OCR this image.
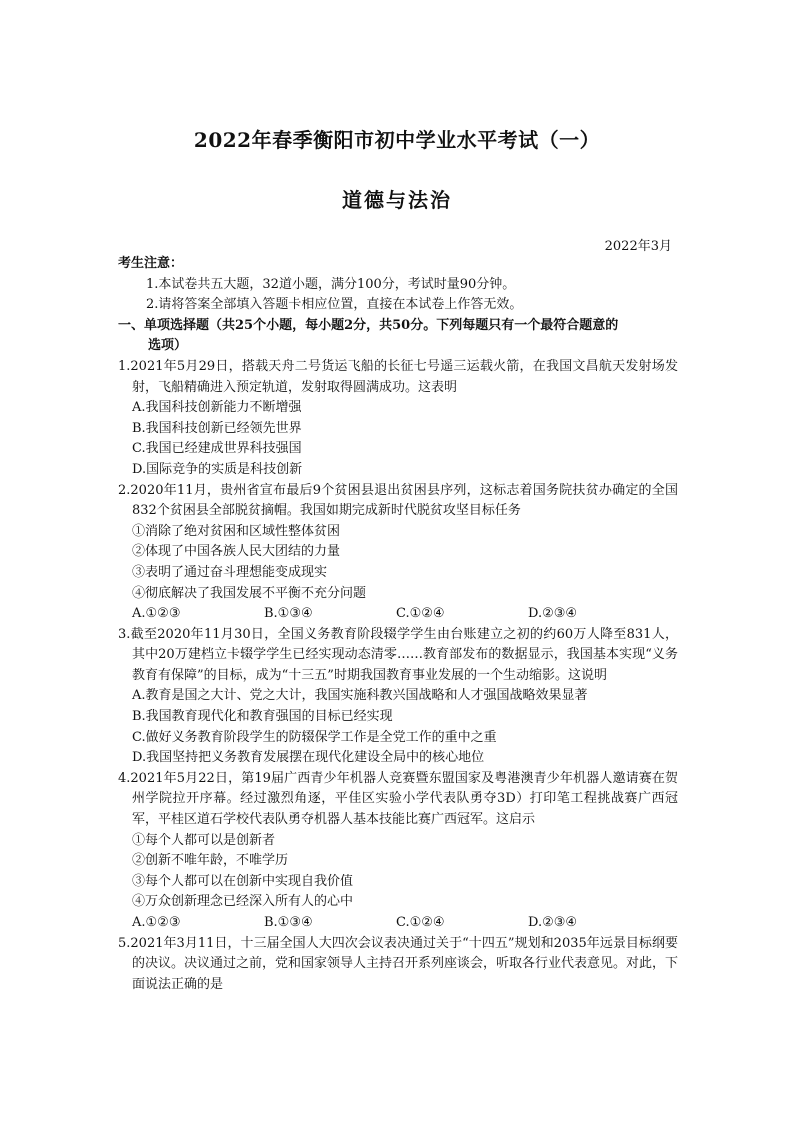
2022年春季衡阳市初中学业水平考试（一）
道德与法治
2022年3月
考生注意：
1.本试卷共五大题，32道小题，满分100分，考试时量90分钟。
2.请将答案全部填入答题卡相应位置，直接在本试卷上作答无效。
一、单项选择题（共25个小题，每小题2分，共50分。下列每题只有一个最符合题意的
选项）
1.2021年5月29日，搭载天舟二号货运飞船的长征七号遥三运载火箭，在我国文昌航天发射场发射，飞船精确进入预定轨道，发射取得圆满成功。这表明
A.我国科技创新能力不断增强
B.我国科技创新已经领先世界
C.我国已经建成世界科技强国
D.国际竞争的实质是科技创新
2.2020年11月，贵州省宣布最后9个贫困县退出贫困县序列，这标志着国务院扶贫办确定的全国832个贫困县全部脱贫摘帽。我国如期完成新时代脱贫攻坚目标任务
①消除了绝对贫困和区域性整体贫困
②体现了中国各族人民大团结的力量
③表明了通过奋斗理想能变成现实
④彻底解决了我国发展不平衡不充分问题
A.①②③	B.①③④	C.①②④	D.②③④
3.截至2020年11月30日，全国义务教育阶段辍学学生由台账建立之初的约60万人降至831人，其中20万建档立卡辍学学生已经实现动态清零……教育部发布的数据显示，我国基本实现“义务教育有保障”的目标，成为“十三五”时期我国教育事业发展的一个生动缩影。这说明
A.教育是国之大计、党之大计，我国实施科教兴国战略和人才强国战略效果显著
B.我国教育现代化和教育强国的目标已经实现
C.做好义务教育阶段学生的防辍保学工作是全党工作的重中之重
D.我国坚持把义务教育发展摆在现代化建设全局中的核心地位
4.2021年5月22日，第19届广西青少年机器人竞赛暨东盟国家及粤港澳青少年机器人邀请赛在贺州学院拉开序幕。经过激烈角逐，平佳区实验小学代表队勇夺3D）打印笔工程挑战赛广西冠军，平桂区道石学校代表队勇夺机器人基本技能比赛广西冠军。这启示
①每个人都可以是创新者
②创新不唯年龄，不唯学历
③每个人都可以在创新中实现自我价值
④万众创新理念已经深入所有人的心中
A.①②③	B.①③④	C.①②④	D.②③④
5.2021年3月11日，十三届全国人大四次会议表决通过关于“十四五”规划和2035年远景目标纲要的决议。决议通过之前，党和国家领导人主持召开系列座谈会，听取各行业代表意见。对此，下面说法正确的是
